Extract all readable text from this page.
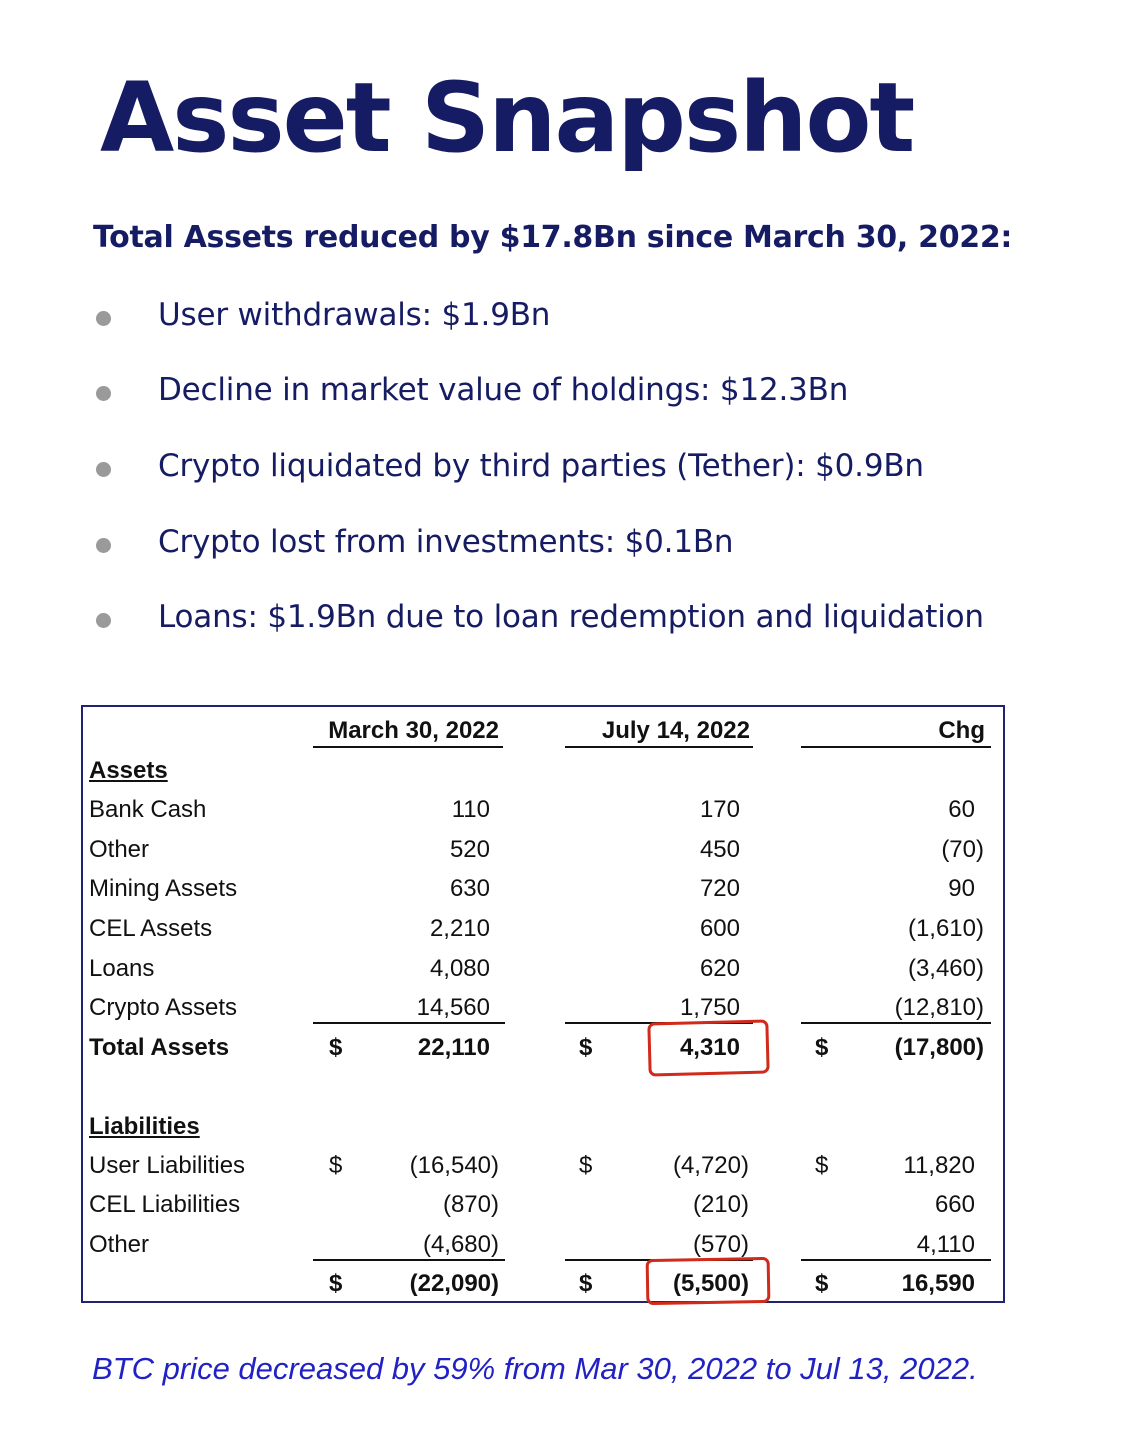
Asset Snapshot
Total Assets reduced by $17.8Bn since March 30, 2022:
User withdrawals: $1.9Bn
Decline in market value of holdings: $12.3Bn
Crypto liquidated by third parties (Tether): $0.9Bn
Crypto lost from investments: $0.1Bn
Loans: $1.9Bn due to loan redemption and liquidation
March 30, 2022	July 14, 2022	Chg
Assets
Bank Cash	110	170	60
Other	520	450	(70)
Mining Assets	630	720	90
CEL Assets	2,210	600	(1,610)
Loans	4,080	620	(3,460)
Crypto Assets	14,560	1,750	(12,810)
Total Assets	$	22,110	$	4,310	$	(17,800)
Liabilities
User Liabilities	$	(16,540)	$	(4,720)	$	11,820
CEL Liabilities	(870)	(210)	660
Other	(4,680)	(570)	4,110
$	(22,090)	$	(5,500)	$	16,590
BTC price decreased by 59% from Mar 30, 2022 to Jul 13, 2022.
